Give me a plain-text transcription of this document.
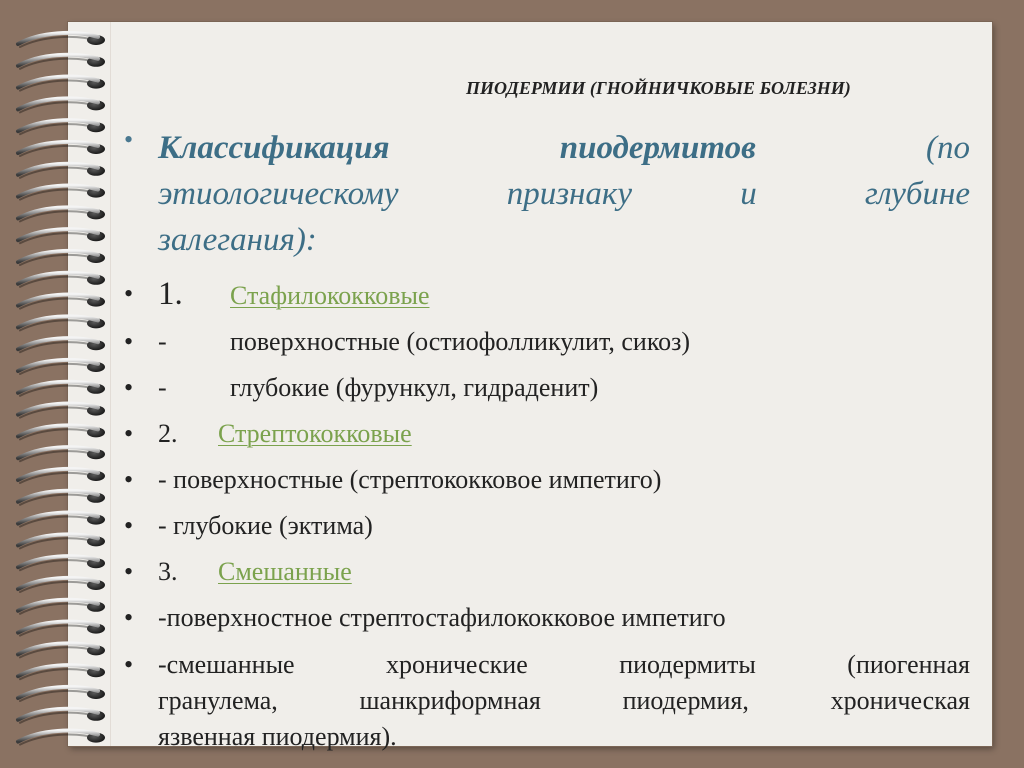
ПИОДЕРМИИ (ГНОЙНИЧКОВЫЕ БОЛЕЗНИ)
• Классификация	пиодермитов	(по
этиологическому	признаку	и	глубине
залегания):
• 1. Стафилококковые
• - поверхностные (остиофолликулит, сикоз)
• - глубокие (фурункул, гидраденит)
• 2. Стрептококковые
• - поверхностные (стрептококковое импетиго)
• - глубокие (эктима)
• 3. Смешанные
• -поверхностное стрептостафилококковое импетиго
• -смешанные	хронические	пиодермиты	(пиогенная
гранулема,	шанкриформная	пиодермия,	хроническая
язвенная пиодермия).
